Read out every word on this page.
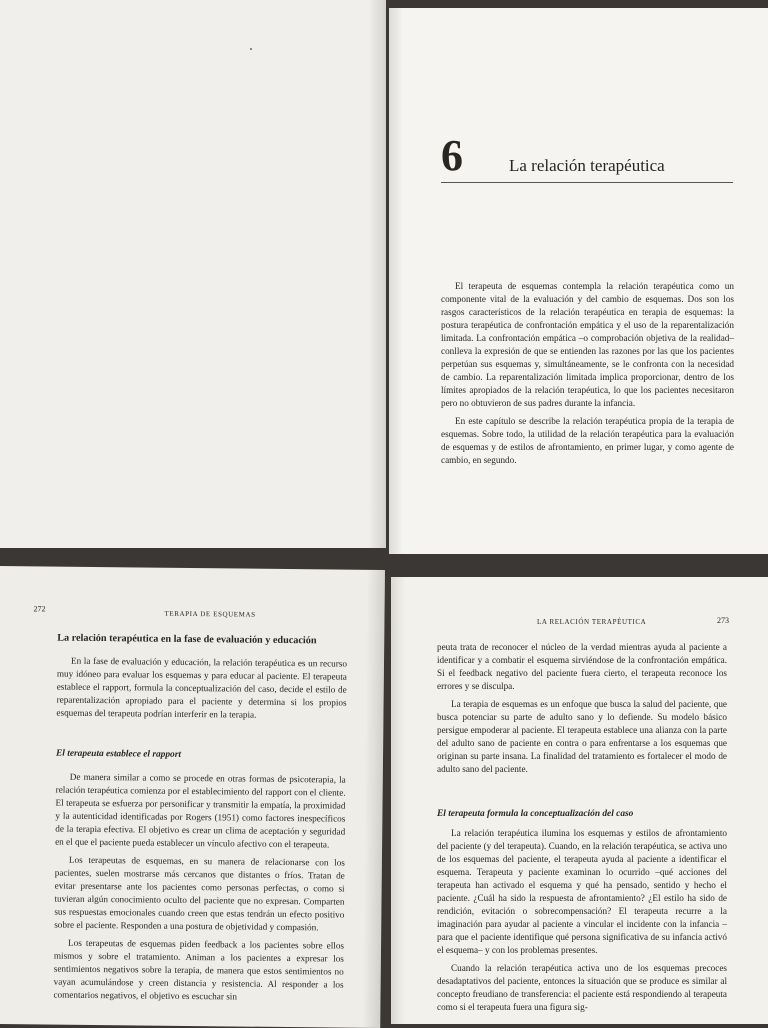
6	La relación terapéutica

El terapeuta de esquemas contempla la relación terapéutica como un componente vital de la evaluación y del cambio de esquemas. Dos son los rasgos característicos de la relación terapéutica en terapia de esquemas: la postura terapéutica de confrontación empática y el uso de la reparentalización limitada. La confrontación empática –o comprobación objetiva de la realidad– conlleva la expresión de que se entienden las razones por las que los pacientes perpetúan sus esquemas y, simultáneamente, se le confronta con la necesidad de cambio. La reparentalización limitada implica proporcionar, dentro de los límites apropiados de la relación terapéutica, lo que los pacientes necesitaron pero no obtuvieron de sus padres durante la infancia.

En este capítulo se describe la relación terapéutica propia de la terapia de esquemas. Sobre todo, la utilidad de la relación terapéutica para la evaluación de esquemas y de estilos de afrontamiento, en primer lugar, y como agente de cambio, en segundo.

272
TERAPIA DE ESQUEMAS
La relación terapéutica en la fase de evaluación y educación

En la fase de evaluación y educación, la relación terapéutica es un recurso muy idóneo para evaluar los esquemas y para educar al paciente. El terapeuta establece el rapport, formula la conceptualización del caso, decide el estilo de reparentalización apropiado para el paciente y determina si los propios esquemas del terapeuta podrían interferir en la terapia.

El terapeuta establece el rapport

De manera similar a como se procede en otras formas de psicoterapia, la relación terapéutica comienza por el establecimiento del rapport con el cliente. El terapeuta se esfuerza por personificar y transmitir la empatía, la proximidad y la autenticidad identificadas por Rogers (1951) como factores inespecíficos de la terapia efectiva. El objetivo es crear un clima de aceptación y seguridad en el que el paciente pueda establecer un vínculo afectivo con el terapeuta.

Los terapeutas de esquemas, en su manera de relacionarse con los pacientes, suelen mostrarse más cercanos que distantes o fríos. Tratan de evitar presentarse ante los pacientes como personas perfectas, o como si tuvieran algún conocimiento oculto del paciente que no expresan. Comparten sus respuestas emocionales cuando creen que estas tendrán un efecto positivo sobre el paciente. Responden a una postura de objetividad y compasión.

Los terapeutas de esquemas piden feedback a los pacientes sobre ellos mismos y sobre el tratamiento. Animan a los pacientes a expresar los sentimientos negativos sobre la terapia, de manera que estos sentimientos no vayan acumulándose y creen distancia y resistencia. Al responder a los comentarios negativos, el objetivo es escuchar sin

LA RELACIÓN TERAPÉUTICA	273

peuta trata de reconocer el núcleo de la verdad mientras ayuda al paciente a identificar y a combatir el esquema sirviéndose de la confrontación empática. Si el feedback negativo del paciente fuera cierto, el terapeuta reconoce los errores y se disculpa.

La terapia de esquemas es un enfoque que busca la salud del paciente, que busca potenciar su parte de adulto sano y lo defiende. Su modelo básico persigue empoderar al paciente. El terapeuta establece una alianza con la parte del adulto sano de paciente en contra o para enfrentarse a los esquemas que originan su parte insana. La finalidad del tratamiento es fortalecer el modo de adulto sano del paciente.

El terapeuta formula la conceptualización del caso

La relación terapéutica ilumina los esquemas y estilos de afrontamiento del paciente (y del terapeuta). Cuando, en la relación terapéutica, se activa uno de los esquemas del paciente, el terapeuta ayuda al paciente a identificar el esquema. Terapeuta y paciente examinan lo ocurrido –qué acciones del terapeuta han activado el esquema y qué ha pensado, sentido y hecho el paciente. ¿Cuál ha sido la respuesta de afrontamiento? ¿El estilo ha sido de rendición, evitación o sobrecompensación? El terapeuta recurre a la imaginación para ayudar al paciente a vincular el incidente con la infancia –para que el paciente identifique qué persona significativa de su infancia activó el esquema– y con los problemas presentes.

Cuando la relación terapéutica activa uno de los esquemas precoces desadaptativos del paciente, entonces la situación que se produce es similar al concepto freudiano de transferencia: el paciente está respondiendo al terapeuta como si el terapeuta fuera una figura sig-
